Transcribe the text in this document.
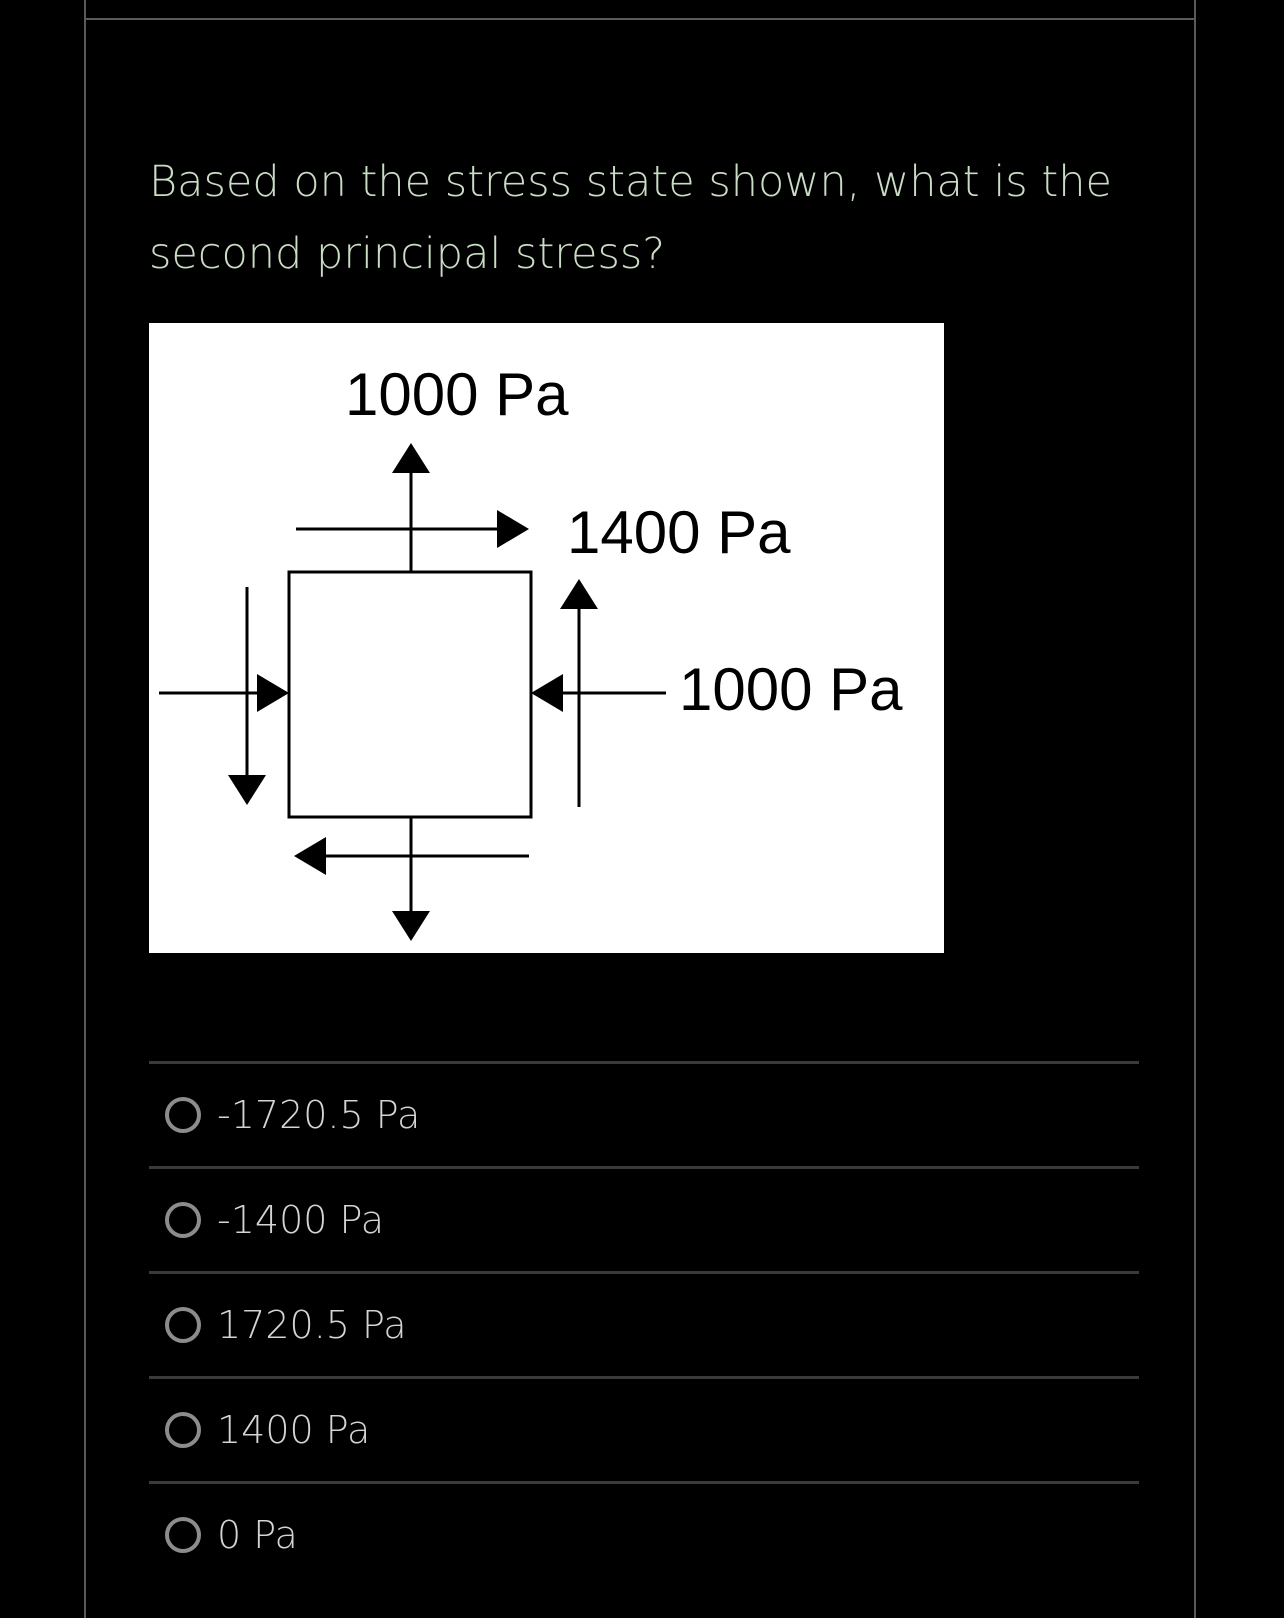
Based on the stress state shown, what is the second principal stress?

1000 Pa
1400 Pa
1000 Pa
-1720.5 Pa
-1400 Pa
1720.5 Pa
1400 Pa
0 Pa
